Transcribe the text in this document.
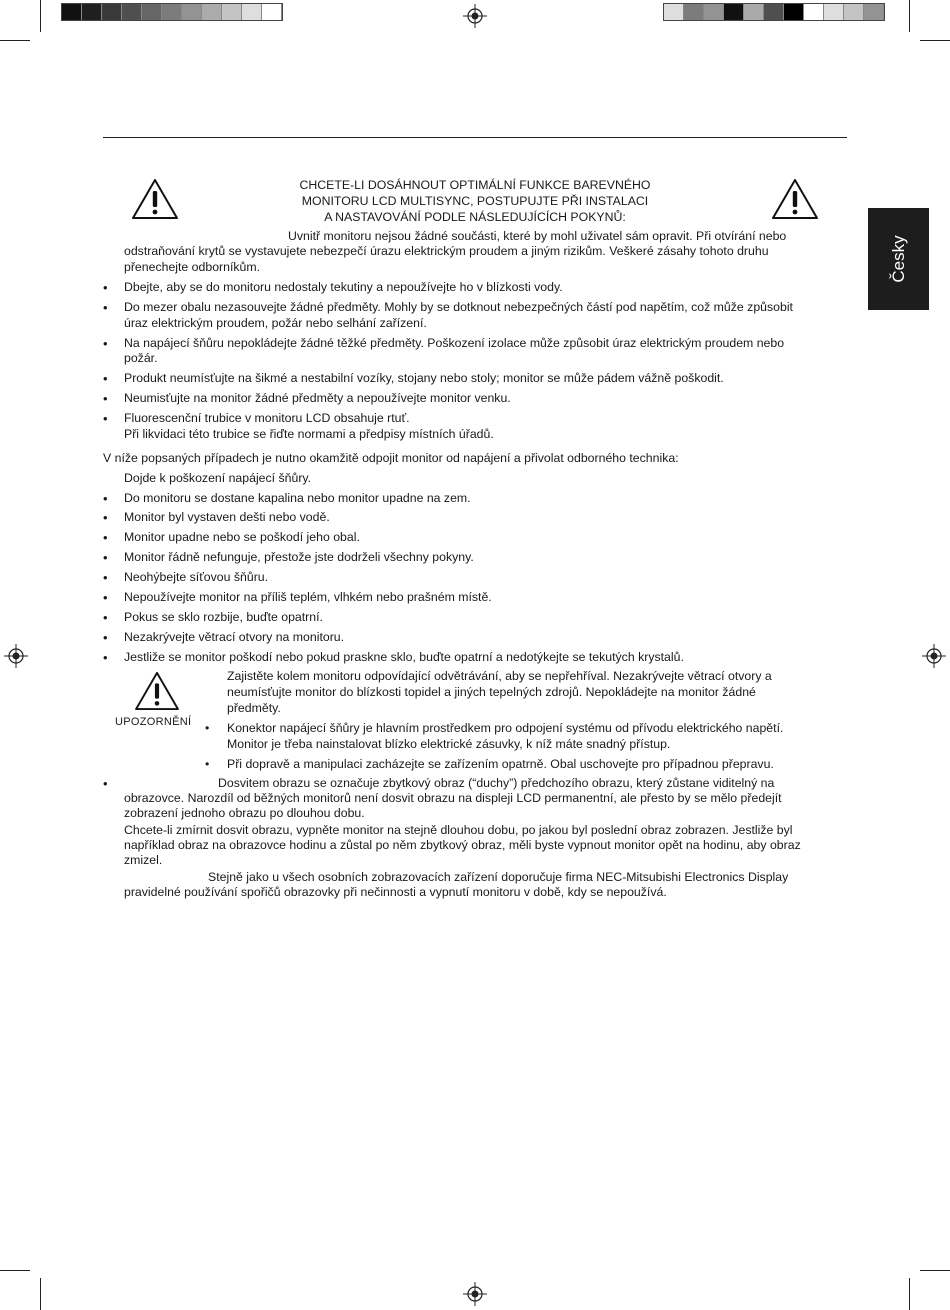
Česky
CHCETE-LI DOSÁHNOUT OPTIMÁLNÍ FUNKCE BAREVNÉHO
MONITORU LCD MULTISYNC, POSTUPUJTE PŘI INSTALACI
A NASTAVOVÁNÍ PODLE NÁSLEDUJÍCÍCH POKYNŮ:
Uvnitř monitoru nejsou žádné součásti, které by mohl uživatel sám opravit. Při otvírání nebo
odstraňování krytů se vystavujete nebezpečí úrazu elektrickým proudem a jiným rizikům. Veškeré zásahy tohoto druhu
přenechejte odborníkům.
• Dbejte, aby se do monitoru nedostaly tekutiny a nepoužívejte ho v blízkosti vody.
• Do mezer obalu nezasouvejte žádné předměty. Mohly by se dotknout nebezpečných částí pod napětím, což může způsobit
úraz elektrickým proudem, požár nebo selhání zařízení.
• Na napájecí šňůru nepokládejte žádné těžké předměty. Poškození izolace může způsobit úraz elektrickým proudem nebo
požár.
• Produkt neumísťujte na šikmé a nestabilní vozíky, stojany nebo stoly; monitor se může pádem vážně poškodit.
• Neumisťujte na monitor žádné předměty a nepoužívejte monitor venku.
• Fluorescenční trubice v monitoru LCD obsahuje rtuť.
Při likvidaci této trubice se řiďte normami a předpisy místních úřadů.
V níže popsaných případech je nutno okamžitě odpojit monitor od napájení a přivolat odborného technika:
Dojde k poškození napájecí šňůry.
• Do monitoru se dostane kapalina nebo monitor upadne na zem.
• Monitor byl vystaven dešti nebo vodě.
• Monitor upadne nebo se poškodí jeho obal.
• Monitor řádně nefunguje, přestože jste dodrželi všechny pokyny.
• Neohýbejte síťovou šňůru.
• Nepoužívejte monitor na příliš teplém, vlhkém nebo prašném místě.
• Pokus se sklo rozbije, buďte opatrní.
• Nezakrývejte větrací otvory na monitoru.
• Jestliže se monitor poškodí nebo pokud praskne sklo, buďte opatrní a nedotýkejte se tekutých krystalů.
UPOZORNĚNÍ
Zajistěte kolem monitoru odpovídající odvětrávání, aby se nepřehříval. Nezakrývejte větrací otvory a
neumísťujte monitor do blízkosti topidel a jiných tepelných zdrojů. Nepokládejte na monitor žádné
předměty.
• Konektor napájecí šňůry je hlavním prostředkem pro odpojení systému od přívodu elektrického napětí.
Monitor je třeba nainstalovat blízko elektrické zásuvky, k níž máte snadný přístup.
• Při dopravě a manipulaci zacházejte se zařízením opatrně. Obal uschovejte pro případnou přepravu.
•	Dosvitem obrazu se označuje zbytkový obraz (“duchy”) předchozího obrazu, který zůstane viditelný na
obrazovce. Narozdíl od běžných monitorů není dosvit obrazu na displeji LCD permanentní, ale přesto by se mělo předejít
zobrazení jednoho obrazu po dlouhou dobu.
Chcete-li zmírnit dosvit obrazu, vypněte monitor na stejně dlouhou dobu, po jakou byl poslední obraz zobrazen. Jestliže byl
například obraz na obrazovce hodinu a zůstal po něm zbytkový obraz, měli byste vypnout monitor opět na hodinu, aby obraz
zmizel.
Stejně jako u všech osobních zobrazovacích zařízení doporučuje firma NEC-Mitsubishi Electronics Display
pravidelné používání spořičů obrazovky při nečinnosti a vypnutí monitoru v době, kdy se nepoužívá.
